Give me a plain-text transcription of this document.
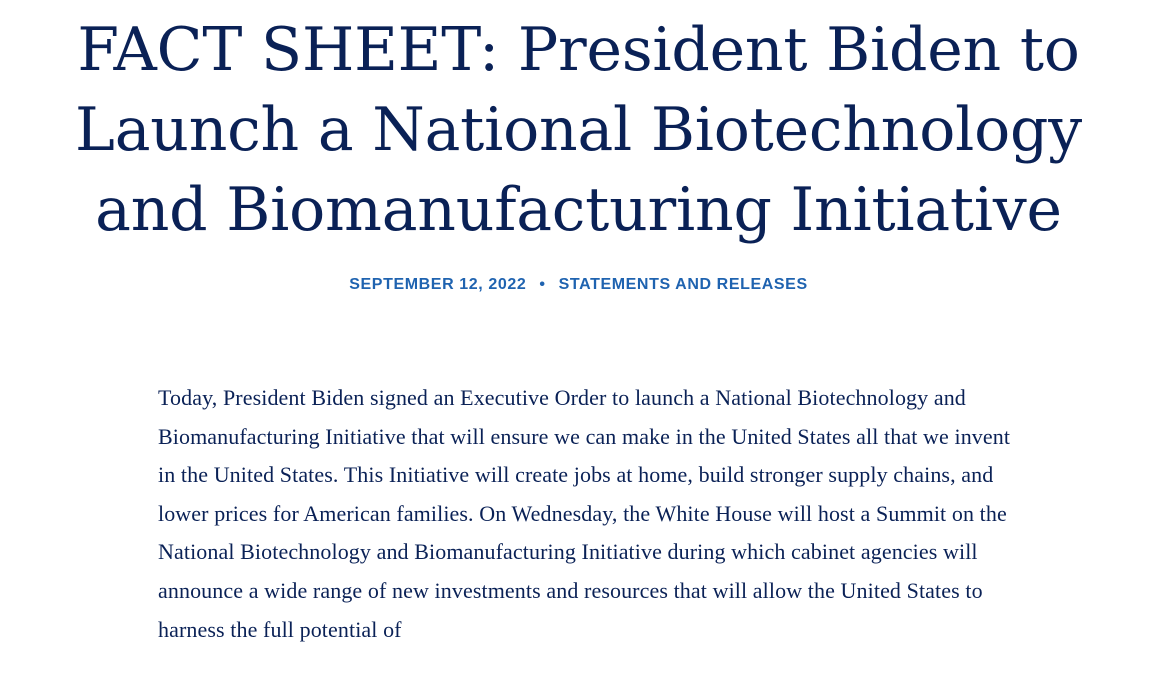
FACT SHEET: President Biden to Launch a National Biotechnology and Biomanufacturing Initiative
SEPTEMBER 12, 2022 • STATEMENTS AND RELEASES

Today, President Biden signed an Executive Order to launch a National Biotechnology and Biomanufacturing Initiative that will ensure we can make in the United States all that we invent in the United States. This Initiative will create jobs at home, build stronger supply chains, and lower prices for American families. On Wednesday, the White House will host a Summit on the National Biotechnology and Biomanufacturing Initiative during which cabinet agencies will announce a wide range of new investments and resources that will allow the United States to harness the full potential of
